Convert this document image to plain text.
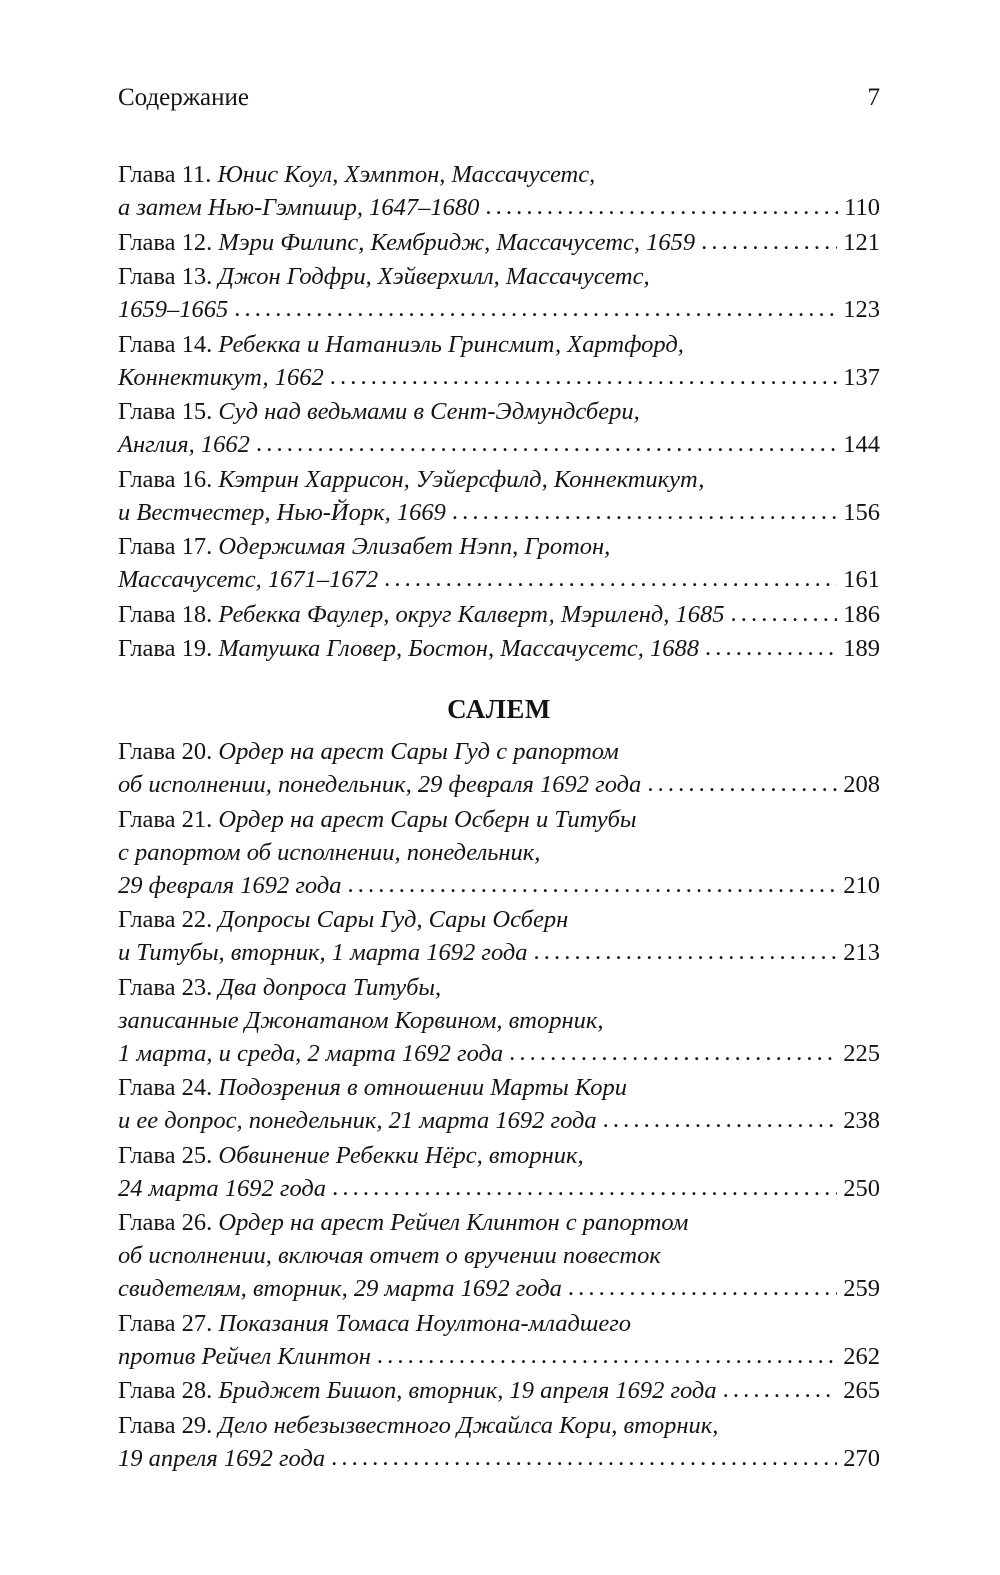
Содержание	7
Глава 11. Юнис Коул, Хэмптон, Массачусетс,
а затем Нью-Гэмпшир, 1647–1680 . . .	110
Глава 12. Мэри Филипс, Кембридж, Массачусетс, 1659 . . .	121
Глава 13. Джон Годфри, Хэйверхилл, Массачусетс,
1659–1665 . . .	123
Глава 14. Ребекка и Натаниэль Гринсмит, Хартфорд,
Коннектикут, 1662 . . .	137
Глава 15. Суд над ведьмами в Сент-Эдмундсбери,
Англия, 1662 . . .	144
Глава 16. Кэтрин Харрисон, Уэйерсфилд, Коннектикут,
и Вестчестер, Нью-Йорк, 1669 . . .	156
Глава 17. Одержимая Элизабет Нэпп, Гротон,
Массачусетс, 1671–1672 . . .	161
Глава 18. Ребекка Фаулер, округ Калверт, Мэриленд, 1685 . . .	186
Глава 19. Матушка Гловер, Бостон, Массачусетс, 1688 . . .	189
САЛЕМ
Глава 20. Ордер на арест Сары Гуд с рапортом
об исполнении, понедельник, 29 февраля 1692 года . . .	208
Глава 21. Ордер на арест Сары Осберн и Титубы
с рапортом об исполнении, понедельник,
29 февраля 1692 года . . .	210
Глава 22. Допросы Сары Гуд, Сары Осберн
и Титубы, вторник, 1 марта 1692 года . . .	213
Глава 23. Два допроса Титубы,
записанные Джонатаном Корвином, вторник,
1 марта, и среда, 2 марта 1692 года . . .	225
Глава 24. Подозрения в отношении Марты Кори
и ее допрос, понедельник, 21 марта 1692 года . . .	238
Глава 25. Обвинение Ребекки Нёрс, вторник,
24 марта 1692 года . . .	250
Глава 26. Ордер на арест Рейчел Клинтон с рапортом
об исполнении, включая отчет о вручении повесток
свидетелям, вторник, 29 марта 1692 года . . .	259
Глава 27. Показания Томаса Ноултона-младшего
против Рейчел Клинтон . . .	262
Глава 28. Бриджет Бишоп, вторник, 19 апреля 1692 года . . .	265
Глава 29. Дело небезызвестного Джайлса Кори, вторник,
19 апреля 1692 года . . .	270
